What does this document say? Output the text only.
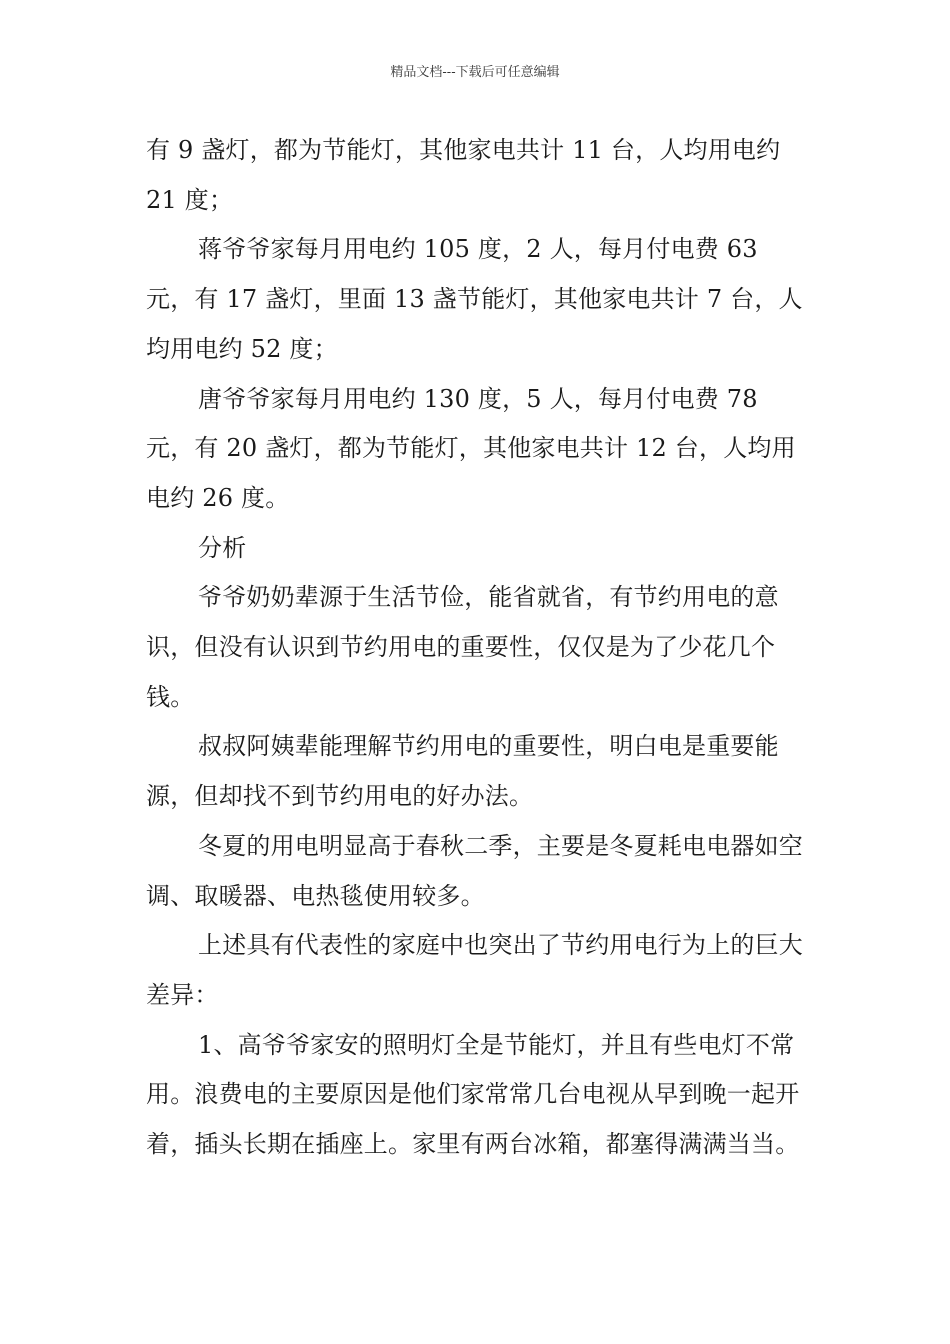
精品文档---下载后可任意编辑

有 9 盏灯，都为节能灯，其他家电共计 11 台，人均用电约 21 度；

蒋爷爷家每月用电约 105 度，2 人，每月付电费 63 元，有 17 盏灯，里面 13 盏节能灯，其他家电共计 7 台，人均用电约 52 度；

唐爷爷家每月用电约 130 度，5 人，每月付电费 78 元，有 20 盏灯，都为节能灯，其他家电共计 12 台，人均用电约 26 度。

分析

爷爷奶奶辈源于生活节俭，能省就省，有节约用电的意识，但没有认识到节约用电的重要性，仅仅是为了少花几个钱。

叔叔阿姨辈能理解节约用电的重要性，明白电是重要能源，但却找不到节约用电的好办法。

冬夏的用电明显高于春秋二季，主要是冬夏耗电电器如空调、取暖器、电热毯使用较多。

上述具有代表性的家庭中也突出了节约用电行为上的巨大差异：

1、高爷爷家安的照明灯全是节能灯，并且有些电灯不常用。浪费电的主要原因是他们家常常几台电视从早到晚一起开着，插头长期在插座上。家里有两台冰箱，都塞得满满当当。
